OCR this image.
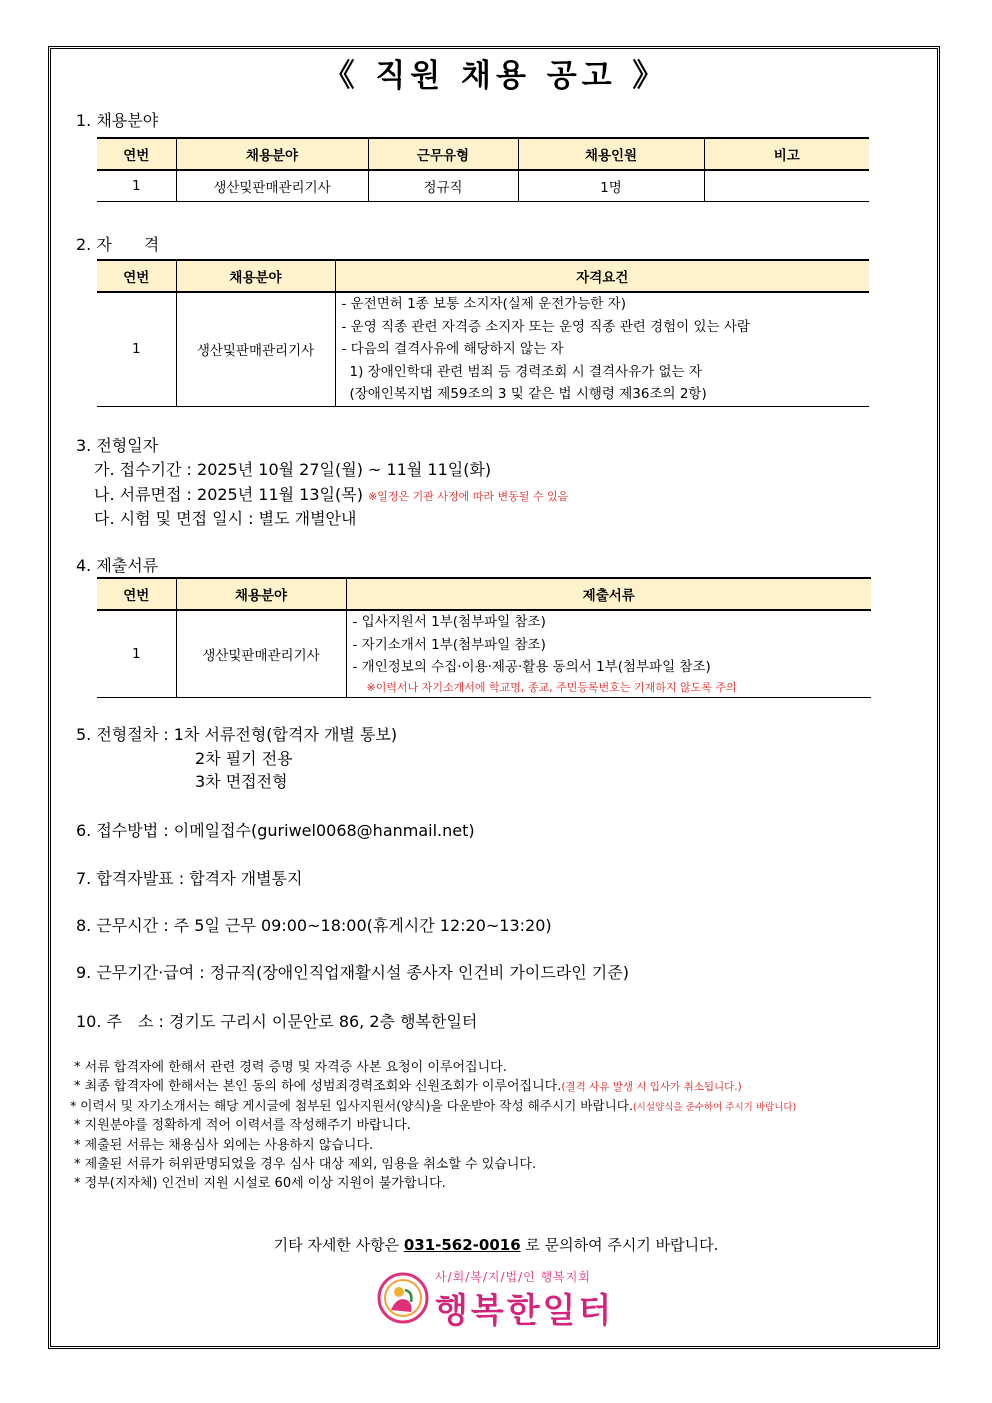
《 직원 채용 공고 》
1. 채용분야
연번	채용분야	근무유형	채용인원	비고
1	생산및판매관리기사	정규직	1명	
2. 자　　격
연번	채용분야	자격요건
1	생산및판매관리기사	- 운전면허 1종 보통 소지자(실제 운전가능한 자)
- 운영 직종 관련 자격증 소지자 또는 운영 직종 관련 경험이 있는 사람
- 다음의 결격사유에 해당하지 않는 자
1) 장애인학대 관련 범죄 등 경력조회 시 결격사유가 없는 자
(장애인복지법 제59조의 3 및 같은 법 시행령 제36조의 2항)
3. 전형일자
가. 접수기간 : 2025년 10월 27일(월) ~ 11월 11일(화)
나. 서류면접 : 2025년 11월 13일(목) ※일정은 기관 사정에 따라 변동될 수 있음
다. 시험 및 면접 일시 : 별도 개별안내
4. 제출서류
연번	채용분야	제출서류
1	생산및판매관리기사	- 입사지원서 1부(첨부파일 참조)
- 자기소개서 1부(첨부파일 참조)
- 개인정보의 수집·이용·제공·활용 동의서 1부(첨부파일 참조)
※이력서나 자기소개서에 학교명, 종교, 주민등록번호는 기재하지 않도록 주의
5. 전형절차 : 1차 서류전형(합격자 개별 통보)
2차 필기 전용
3차 면접전형
6. 접수방법 : 이메일접수(guriwel0068@hanmail.net)
7. 합격자발표 : 합격자 개별통지
8. 근무시간 : 주 5일 근무 09:00~18:00(휴게시간 12:20~13:20)
9. 근무기간·급여 : 정규직(장애인직업재활시설 종사자 인건비 가이드라인 기준)
10. 주　소 : 경기도 구리시 이문안로 86, 2층 행복한일터
* 서류 합격자에 한해서 관련 경력 증명 및 자격증 사본 요청이 이루어집니다.
* 최종 합격자에 한해서는 본인 동의 하에 성범죄경력조회와 신원조회가 이루어집니다.(결격 사유 발생 시 입사가 취소됩니다.)
* 이력서 및 자기소개서는 해당 게시글에 첨부된 입사지원서(양식)을 다운받아 작성 해주시기 바랍니다.(시설양식을 준수하여 주시기 바랍니다)
* 지원분야를 정확하게 적어 이력서를 작성해주기 바랍니다.
* 제출된 서류는 채용심사 외에는 사용하지 않습니다.
* 제출된 서류가 허위판명되었을 경우 심사 대상 제외, 임용을 취소할 수 있습니다.
* 정부(지자체) 인건비 지원 시설로 60세 이상 지원이 불가합니다.
기타 자세한 사항은 031-562-0016 로 문의하여 주시기 바랍니다.
사/회/복/지/법/인 행복지회
행복한일터
